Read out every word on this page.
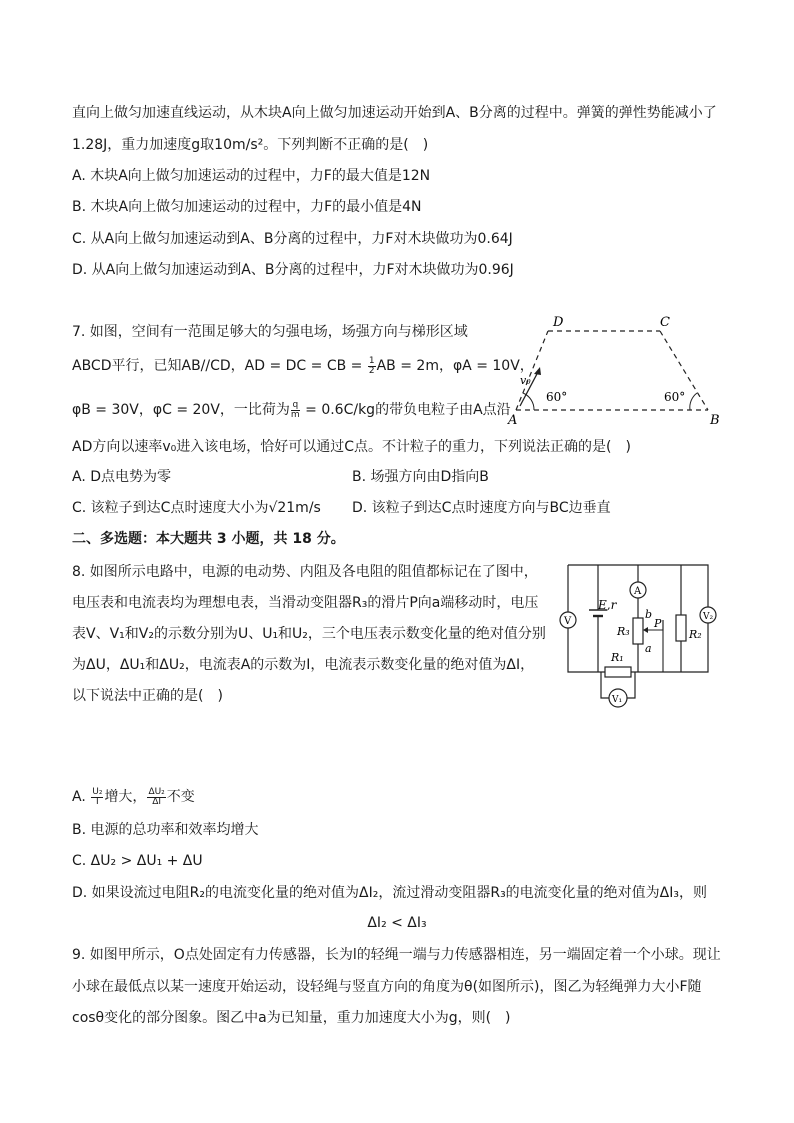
直向上做匀加速直线运动，从木块A向上做匀加速运动开始到A、B分离的过程中。弹簧的弹性势能减小了
1.28J，重力加速度g取10m/s²。下列判断不正确的是(　)
A. 木块A向上做匀加速运动的过程中，力F的最大值是12N
B. 木块A向上做匀加速运动的过程中，力F的最小值是4N
C. 从A向上做匀加速运动到A、B分离的过程中，力F对木块做功为0.64J
D. 从A向上做匀加速运动到A、B分离的过程中，力F对木块做功为0.96J
7. 如图，空间有一范围足够大的匀强电场，场强方向与梯形区域
ABCD平行，已知AB//CD，AD = DC = CB = $\frac{1}{2}$ AB = 2m，φA = 10V，
φB = 30V，φC = 20V，一比荷为 $\frac{q}{m} = 0.6C/kg$的带负电粒子由A点沿
AD方向以速率v₀进入该电场，恰好可以通过C点。不计粒子的重力，下列说法正确的是(　)
A. D点电势为零	B. 场强方向由D指向B
C. 该粒子到达C点时速度大小为√21m/s D. 该粒子到达C点时速度方向与BC边垂直
D	C
A	B
v₀
60°	60°
二、多选题：本大题共 3 小题，共 18 分。
8. 如图所示电路中，电源的电动势、内阻及各电阻的阻值都标记在了图中，
电压表和电流表均为理想电表，当滑动变阻器R₃的滑片P向a端移动时，电压
表V、V₁和V₂的示数分别为U、U₁和U₂，三个电压表示数变化量的绝对值分别
为ΔU，ΔU₁和ΔU₂，电流表A的示数为I，电流表示数变化量的绝对值为ΔI，
以下说法中正确的是(　)
E,r
V
A
R₃
b
a
P
R₂
V₂
R₁
V₁
A. $\frac{\text{U₂}}{I}$ 增大， $\frac{\text{ΔU₂}}{\Delta I}$ 不变
B. 电源的总功率和效率均增大
C. ΔU₂ > ΔU₁ + ΔU
D. 如果设流过电阻R₂的电流变化量的绝对值为ΔI₂，流过滑动变阻器R₃的电流变化量的绝对值为ΔI₃，则
ΔI₂ < ΔI₃
9. 如图甲所示，O点处固定有力传感器，长为l的轻绳一端与力传感器相连，另一端固定着一个小球。现让
小球在最低点以某一速度开始运动，设轻绳与竖直方向的角度为θ(如图所示)，图乙为轻绳弹力大小F随
cosθ变化的部分图象。图乙中a为已知量，重力加速度大小为g，则(　)
